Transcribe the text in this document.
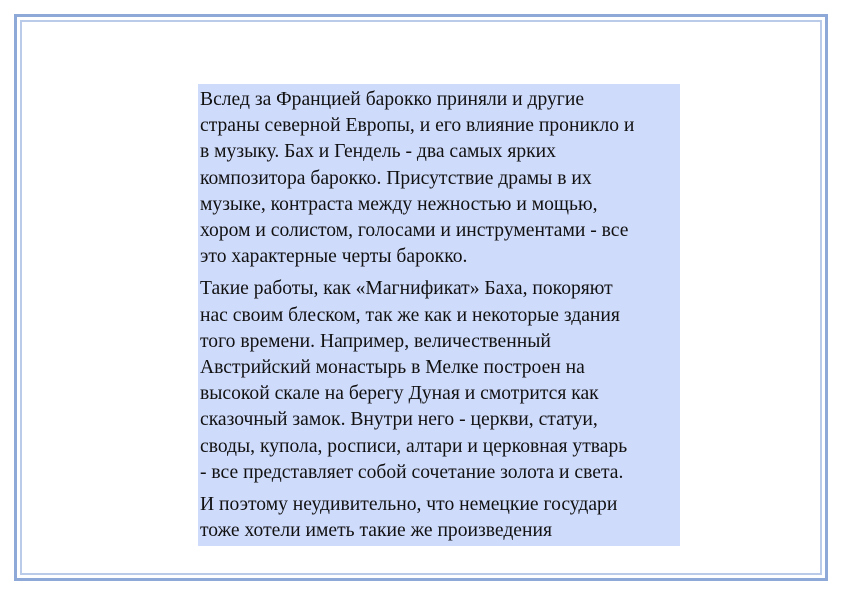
Вслед за Францией барокко приняли и другие
страны северной Европы, и его влияние проникло и
в музыку. Бах и Гендель - два самых ярких
композитора барокко. Присутствие драмы в их
музыке, контраста между нежностью и мощью,
хором и солистом, голосами и инструментами - все
это характерные черты барокко.

Такие работы, как «Магнификат» Баха, покоряют
нас своим блеском, так же как и некоторые здания
того времени. Например, величественный
Австрийский монастырь в Мелке построен на
высокой скале на берегу Дуная и смотрится как
сказочный замок. Внутри него - церкви, статуи,
своды, купола, росписи, алтари и церковная утварь
- все представляет собой сочетание золота и света.

И поэтому неудивительно, что немецкие государи
тоже хотели иметь такие же произведения
